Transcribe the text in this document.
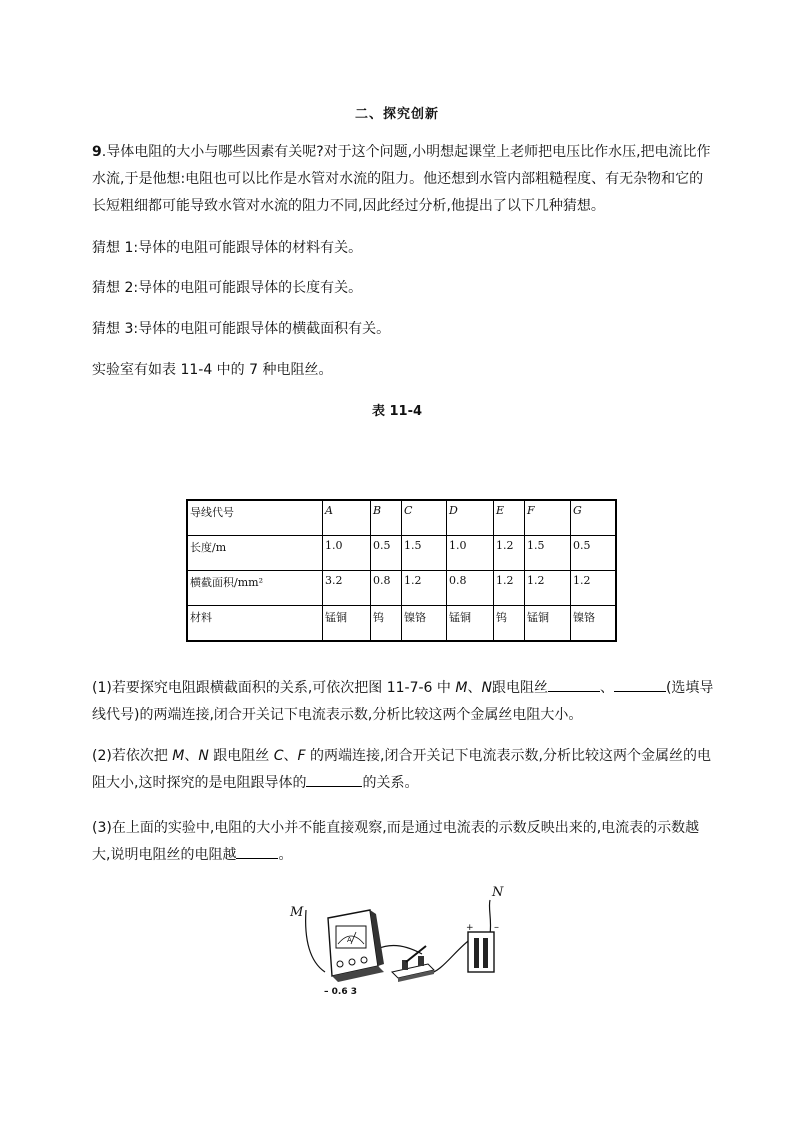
二、探究创新
9.导体电阻的大小与哪些因素有关呢?对于这个问题,小明想起课堂上老师把电压比作水压,把电流比作水流,于是他想:电阻也可以比作是水管对水流的阻力。他还想到水管内部粗糙程度、有无杂物和它的长短粗细都可能导致水管对水流的阻力不同,因此经过分析,他提出了以下几种猜想。
猜想 1:导体的电阻可能跟导体的材料有关。
猜想 2:导体的电阻可能跟导体的长度有关。
猜想 3:导体的电阻可能跟导体的横截面积有关。
实验室有如表 11-4 中的 7 种电阻丝。
表 11-4
导线代号	A	B	C	D	E	F	G
长度/m	1.0	0.5	1.5	1.0	1.2	1.5	0.5
横截面积/mm²	3.2	0.8	1.2	0.8	1.2	1.2	1.2
材料	锰铜	钨	镍铬	锰铜	钨	锰铜	镍铬
(1)若要探究电阻跟横截面积的关系,可依次把图 11-7-6 中 M、N跟电阻丝	、	(选填导线代号)的两端连接,闭合开关记下电流表示数,分析比较这两个金属丝电阻大小。
(2)若依次把 M、N 跟电阻丝 C、F 的两端连接,闭合开关记下电流表示数,分析比较这两个金属丝的电阻大小,这时探究的是电阻跟导体的	的关系。
(3)在上面的实验中,电阻的大小并不能直接观察,而是通过电流表的示数反映出来的,电流表的示数越大,说明电阻丝的电阻越	。
M
N
A
– 0.6 3
+ –
